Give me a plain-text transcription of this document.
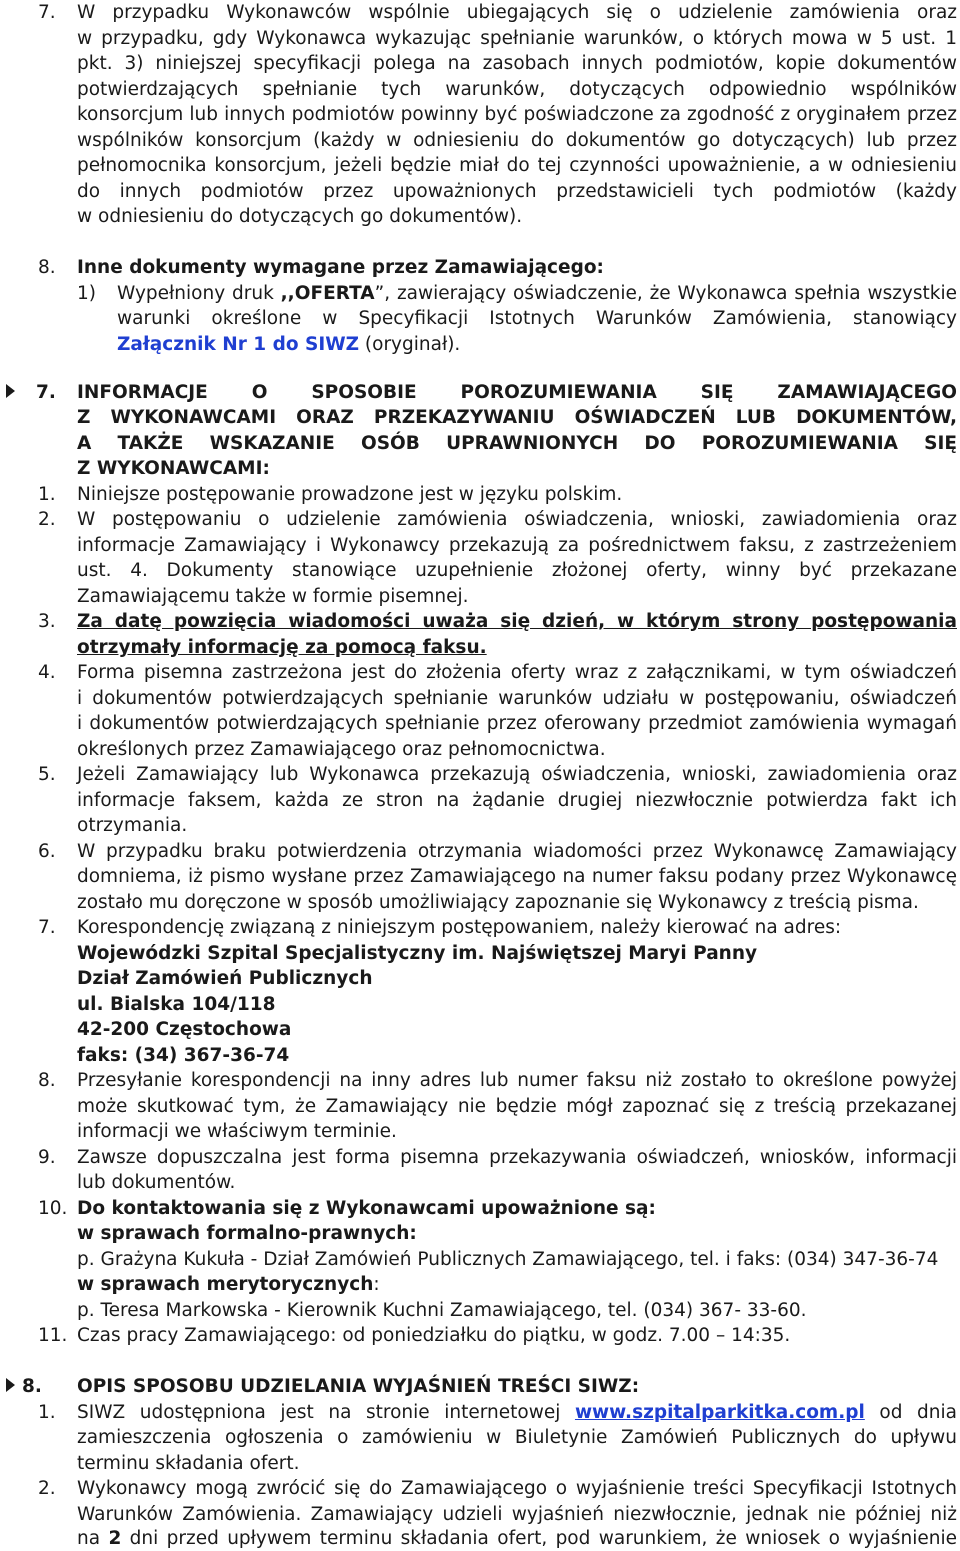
7. W przypadku Wykonawców wspólnie ubiegających się o udzielenie zamówienia oraz
w przypadku, gdy Wykonawca wykazując spełnianie warunków, o których mowa w 5 ust. 1
pkt. 3) niniejszej specyfikacji polega na zasobach innych podmiotów, kopie dokumentów
potwierdzających spełnianie tych warunków, dotyczących odpowiednio wspólników
konsorcjum lub innych podmiotów powinny być poświadczone za zgodność z oryginałem przez
wspólników konsorcjum (każdy w odniesieniu do dokumentów go dotyczących) lub przez
pełnomocnika konsorcjum, jeżeli będzie miał do tej czynności upoważnienie, a w odniesieniu
do innych podmiotów przez upoważnionych przedstawicieli tych podmiotów (każdy
w odniesieniu do dotyczących go dokumentów).
8. Inne dokumenty wymagane przez Zamawiającego:
1) Wypełniony druk ,,OFERTA”, zawierający oświadczenie, że Wykonawca spełnia wszystkie
warunki określone w Specyfikacji Istotnych Warunków Zamówienia, stanowiący
Załącznik Nr 1 do SIWZ (oryginał).
7. INFORMACJE O SPOSOBIE POROZUMIEWANIA SIĘ ZAMAWIAJĄCEGO
Z WYKONAWCAMI ORAZ PRZEKAZYWANIU OŚWIADCZEŃ LUB DOKUMENTÓW,
A TAKŻE WSKAZANIE OSÓB UPRAWNIONYCH DO POROZUMIEWANIA SIĘ
Z WYKONAWCAMI:
1. Niniejsze postępowanie prowadzone jest w języku polskim.
2. W postępowaniu o udzielenie zamówienia oświadczenia, wnioski, zawiadomienia oraz
informacje Zamawiający i Wykonawcy przekazują za pośrednictwem faksu, z zastrzeżeniem
ust. 4. Dokumenty stanowiące uzupełnienie złożonej oferty, winny być przekazane
Zamawiającemu także w formie pisemnej.
3. Za datę powzięcia wiadomości uważa się dzień, w którym strony postępowania
otrzymały informację za pomocą faksu.
4. Forma pisemna zastrzeżona jest do złożenia oferty wraz z załącznikami, w tym oświadczeń
i dokumentów potwierdzających spełnianie warunków udziału w postępowaniu, oświadczeń
i dokumentów potwierdzających spełnianie przez oferowany przedmiot zamówienia wymagań
określonych przez Zamawiającego oraz pełnomocnictwa.
5. Jeżeli Zamawiający lub Wykonawca przekazują oświadczenia, wnioski, zawiadomienia oraz
informacje faksem, każda ze stron na żądanie drugiej niezwłocznie potwierdza fakt ich
otrzymania.
6. W przypadku braku potwierdzenia otrzymania wiadomości przez Wykonawcę Zamawiający
domniema, iż pismo wysłane przez Zamawiającego na numer faksu podany przez Wykonawcę
zostało mu doręczone w sposób umożliwiający zapoznanie się Wykonawcy z treścią pisma.
7. Korespondencję związaną z niniejszym postępowaniem, należy kierować na adres:
Wojewódzki Szpital Specjalistyczny im. Najświętszej Maryi Panny
Dział Zamówień Publicznych
ul. Bialska 104/118
42-200 Częstochowa
faks: (34) 367-36-74
8. Przesyłanie korespondencji na inny adres lub numer faksu niż zostało to określone powyżej
może skutkować tym, że Zamawiający nie będzie mógł zapoznać się z treścią przekazanej
informacji we właściwym terminie.
9. Zawsze dopuszczalna jest forma pisemna przekazywania oświadczeń, wniosków, informacji
lub dokumentów.
10. Do kontaktowania się z Wykonawcami upoważnione są:
w sprawach formalno-prawnych:
p. Grażyna Kukuła - Dział Zamówień Publicznych Zamawiającego, tel. i faks: (034) 347-36-74
w sprawach merytorycznych:
p. Teresa Markowska - Kierownik Kuchni Zamawiającego, tel. (034) 367- 33-60.
11. Czas pracy Zamawiającego: od poniedziałku do piątku, w godz. 7.00 – 14:35.
8. OPIS SPOSOBU UDZIELANIA WYJAŚNIEŃ TREŚCI SIWZ:
1. SIWZ udostępniona jest na stronie internetowej www.szpitalparkitka.com.pl od dnia
zamieszczenia ogłoszenia o zamówieniu w Biuletynie Zamówień Publicznych do upływu
terminu składania ofert.
2. Wykonawcy mogą zwrócić się do Zamawiającego o wyjaśnienie treści Specyfikacji Istotnych
Warunków Zamówienia. Zamawiający udzieli wyjaśnień niezwłocznie, jednak nie później niż
na 2 dni przed upływem terminu składania ofert, pod warunkiem, że wniosek o wyjaśnienie
